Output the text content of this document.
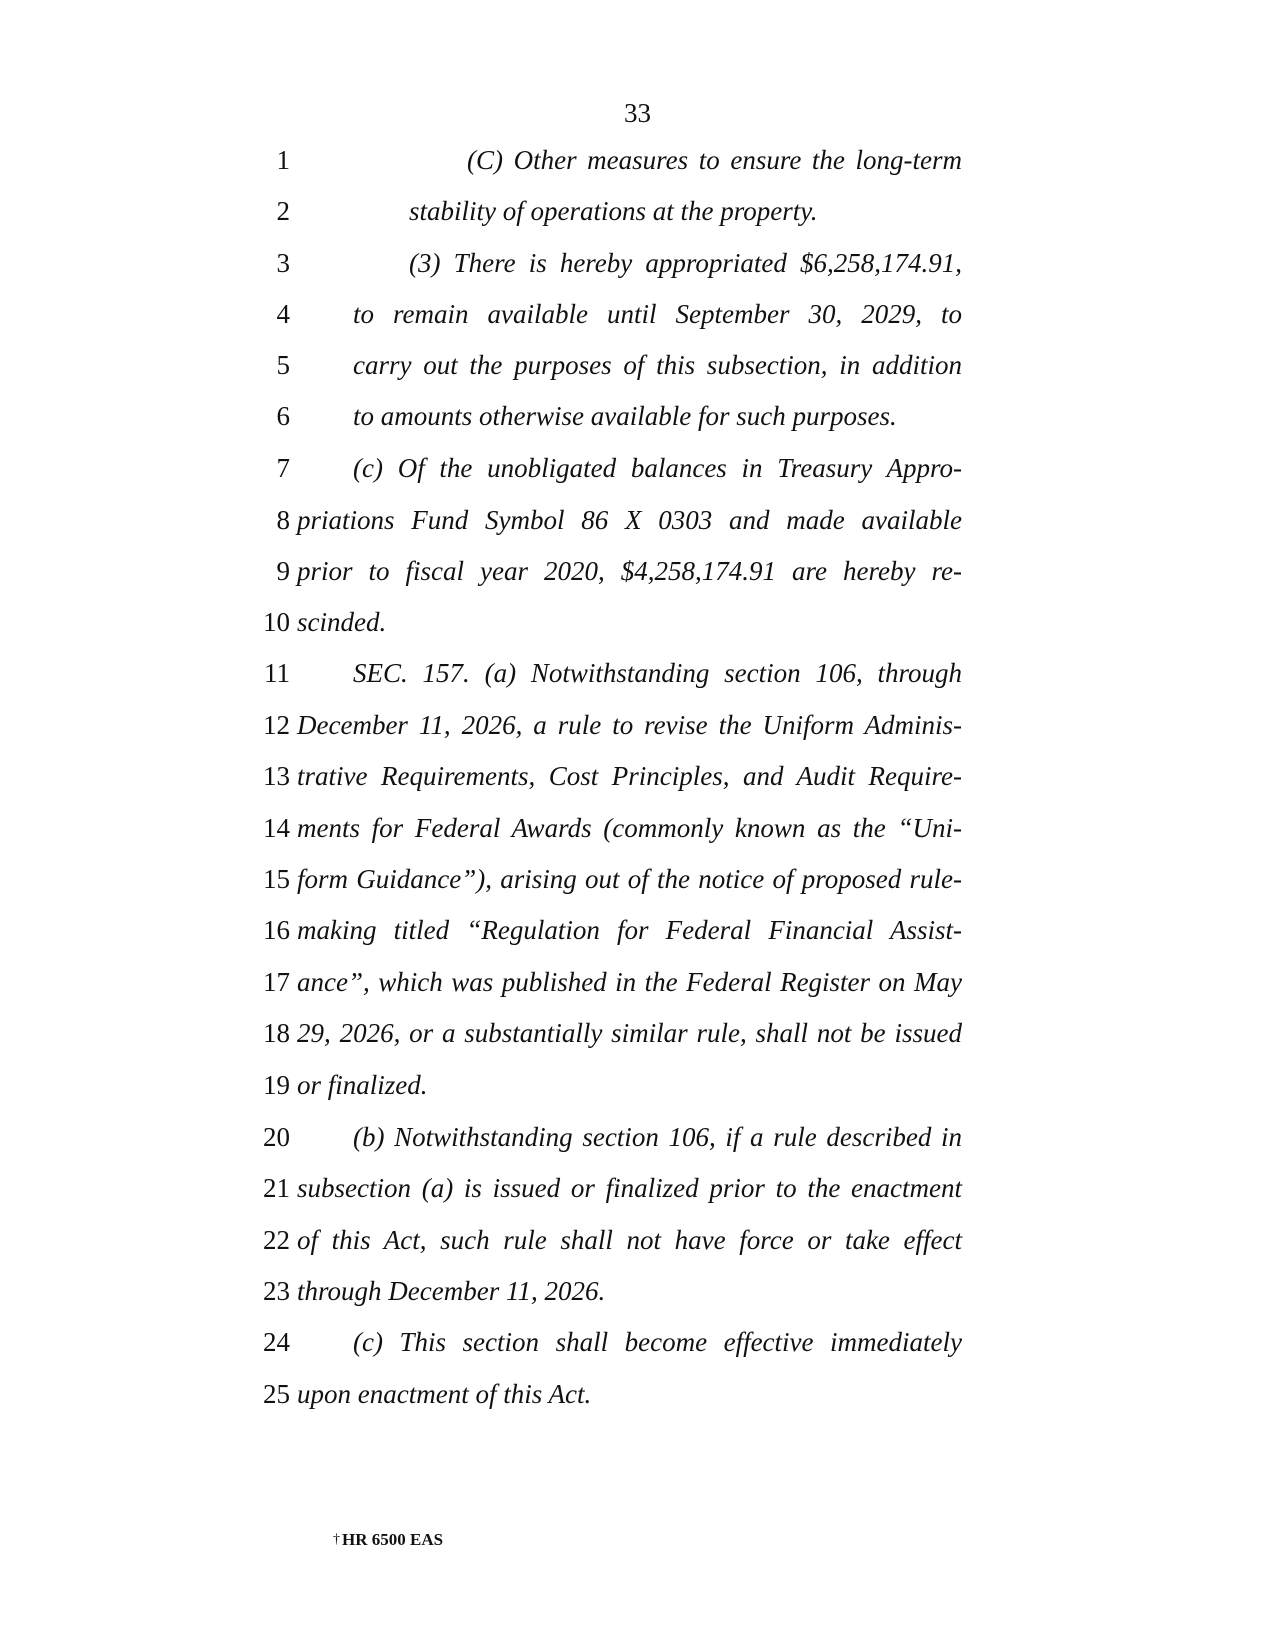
33
1	(C) Other measures to ensure the long-term
2	stability of operations at the property.
3	(3) There is hereby appropriated $6,258,174.91,
4 to remain available until September 30, 2029, to
5 carry out the purposes of this subsection, in addition
6 to amounts otherwise available for such purposes.
7 (c) Of the unobligated balances in Treasury Appro-
8 priations Fund Symbol 86 X 0303 and made available
9 prior to fiscal year 2020, $4,258,174.91 are hereby re-
10 scinded.
11 SEC. 157. (a) Notwithstanding section 106, through
12 December 11, 2026, a rule to revise the Uniform Adminis-
13 trative Requirements, Cost Principles, and Audit Require-
14 ments for Federal Awards (commonly known as the “Uni-
15 form Guidance”), arising out of the notice of proposed rule-
16 making titled “Regulation for Federal Financial Assist-
17 ance”, which was published in the Federal Register on May
18 29, 2026, or a substantially similar rule, shall not be issued
19 or finalized.
20 (b) Notwithstanding section 106, if a rule described in
21 subsection (a) is issued or finalized prior to the enactment
22 of this Act, such rule shall not have force or take effect
23 through December 11, 2026.
24 (c) This section shall become effective immediately
25 upon enactment of this Act.
† HR 6500 EAS
